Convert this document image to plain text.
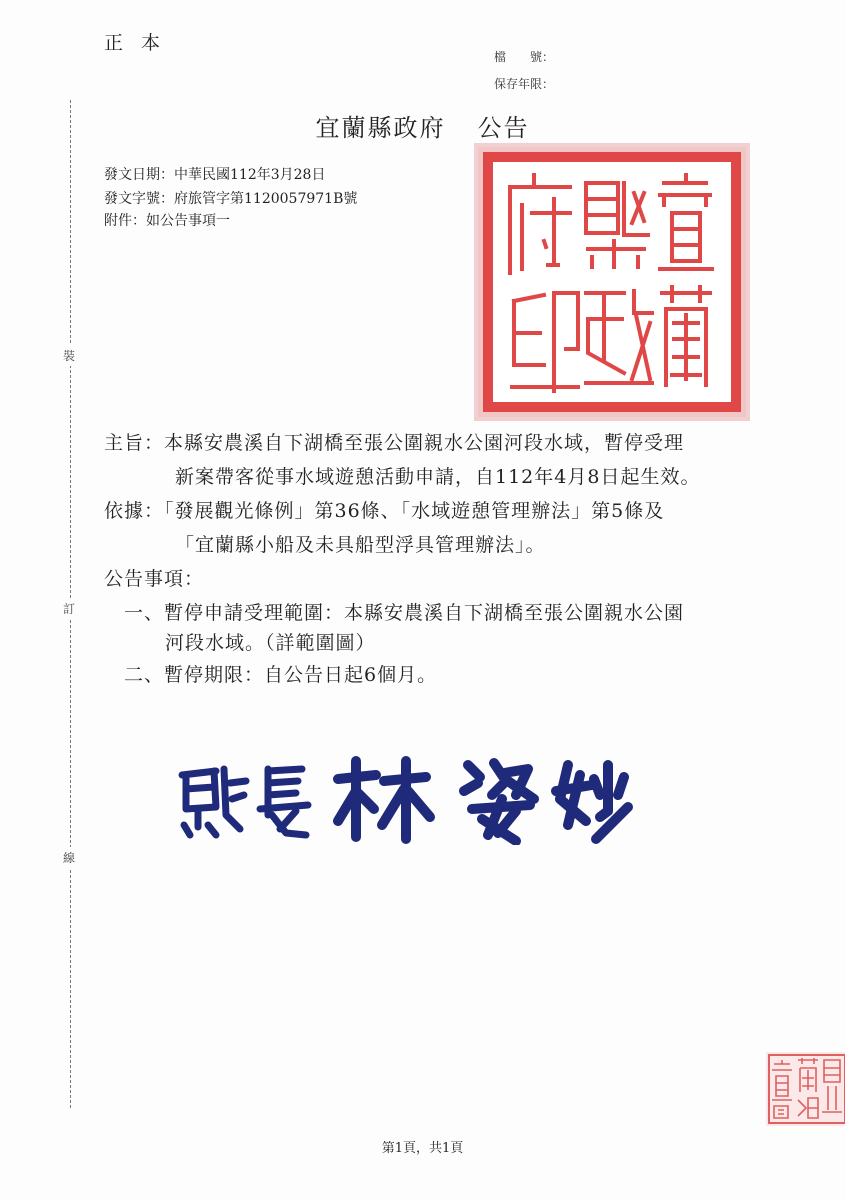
正本
檔　　號：
保存年限：
宜蘭縣政府 公告
發文日期：中華民國112年3月28日
發文字號：府旅管字第1120057971B號
附件：如公告事項一
裝
訂
線
主旨：本縣安農溪自下湖橋至張公圍親水公園河段水域，暫停受理
新案帶客從事水域遊憩活動申請，自112年4月8日起生效。
依據：「發展觀光條例」第36條、「水域遊憩管理辦法」第5條及
「宜蘭縣小船及未具船型浮具管理辦法」。
公告事項：
一、暫停申請受理範圍：本縣安農溪自下湖橋至張公圍親水公園
河段水域。（詳範圍圖）
二、暫停期限：自公告日起6個月。
第1頁，共1頁
